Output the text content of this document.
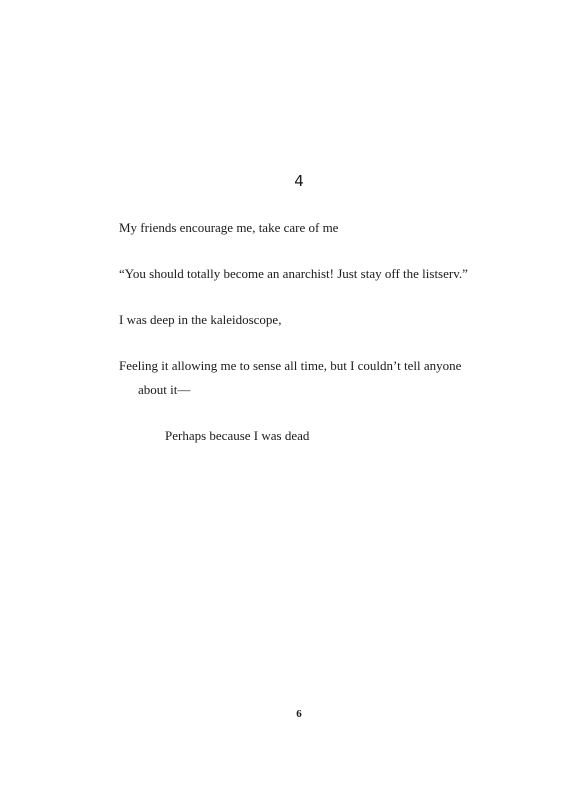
4

My friends encourage me, take care of me

“You should totally become an anarchist! Just stay off the listserv.”

I was deep in the kaleidoscope,

Feeling it allowing me to sense all time, but I couldn’t tell anyone
about it—

Perhaps because I was dead

6
